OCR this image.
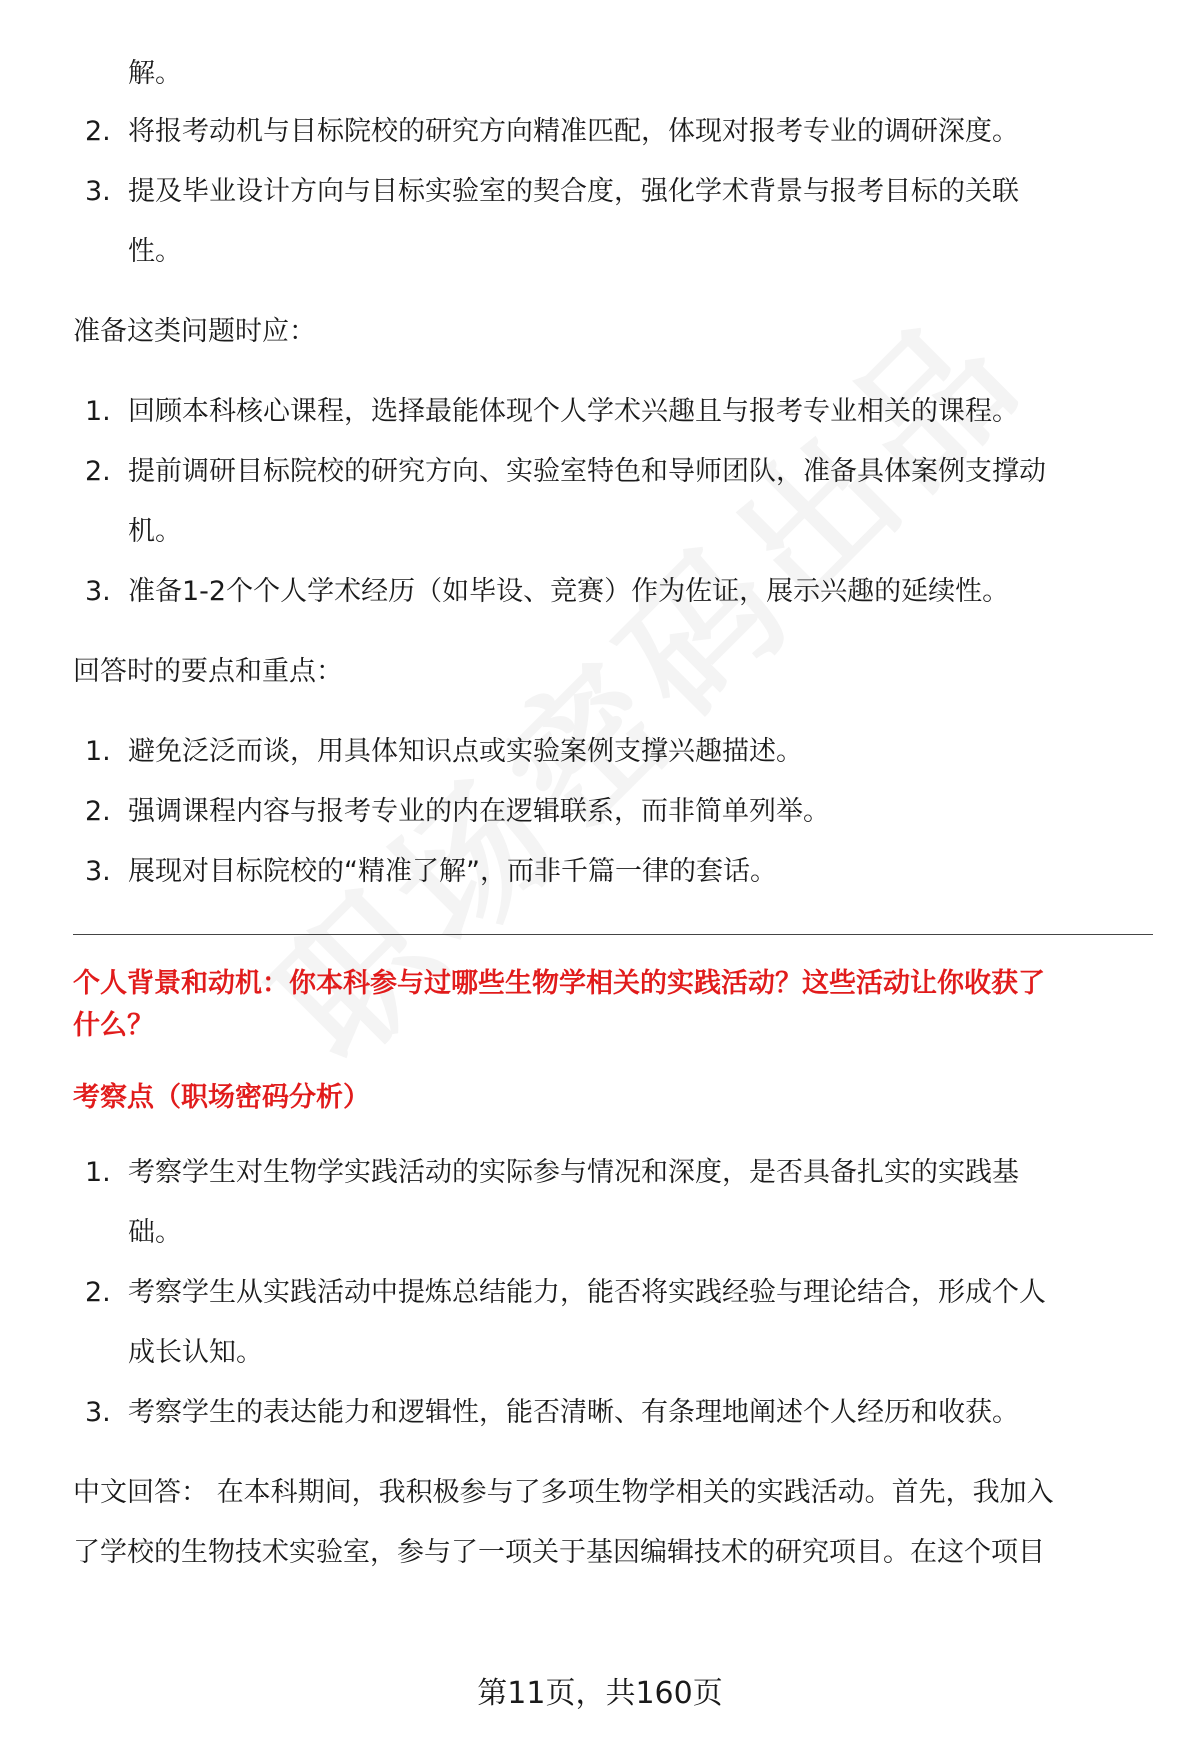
解。

2. 将报考动机与目标院校的研究方向精准匹配，体现对报考专业的调研深度。
3. 提及毕业设计方向与目标实验室的契合度，强化学术背景与报考目标的关联

性。

准备这类问题时应：

1. 回顾本科核心课程，选择最能体现个人学术兴趣且与报考专业相关的课程。
2. 提前调研目标院校的研究方向、实验室特色和导师团队，准备具体案例支撑动

机。

3. 准备1-2个个人学术经历（如毕设、竞赛）作为佐证，展示兴趣的延续性。

回答时的要点和重点：

1. 避免泛泛而谈，用具体知识点或实验案例支撑兴趣描述。
2. 强调课程内容与报考专业的内在逻辑联系，而非简单列举。
3. 展现对目标院校的“精准了解”，而非千篇一律的套话。

个人背景和动机：你本科参与过哪些生物学相关的实践活动？这些活动让你收获了

什么？

考察点（职场密码分析）

1. 考察学生对生物学实践活动的实际参与情况和深度，是否具备扎实的实践基

础。

2. 考察学生从实践活动中提炼总结能力，能否将实践经验与理论结合，形成个人

成长认知。

3. 考察学生的表达能力和逻辑性，能否清晰、有条理地阐述个人经历和收获。

中文回答： 在本科期间，我积极参与了多项生物学相关的实践活动。首先，我加入

了学校的生物技术实验室，参与了一项关于基因编辑技术的研究项目。在这个项目

第11页，共160页
